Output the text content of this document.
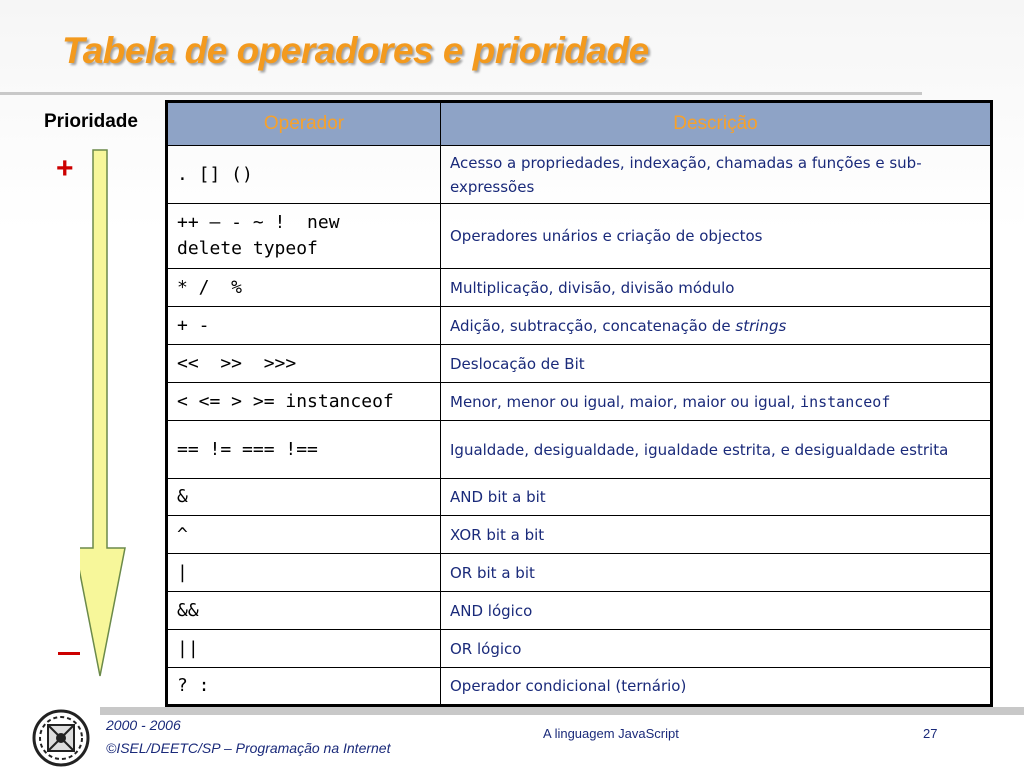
Tabela de operadores e prioridade
Prioridade
+
Operador	Descrição
. [] ()	Acesso a propriedades, indexação, chamadas a funções e sub-expressões
++ — - ~ !  new
delete typeof	Operadores unários e criação de objectos
* /  %	Multiplicação, divisão, divisão módulo
+ -	Adição, subtracção, concatenação de strings
<<  >>  >>>	Deslocação de Bit
< <= > >= instanceof	Menor, menor ou igual, maior, maior ou igual, instanceof
== != === !==	Igualdade, desigualdade, igualdade estrita, e desigualdade estrita
&	AND bit a bit
^	XOR bit a bit
|	OR bit a bit
&&	AND lógico
||	OR lógico
? :	Operador condicional (ternário)
2000 - 2006
©ISEL/DEETC/SP – Programação na Internet
A linguagem JavaScript	27
